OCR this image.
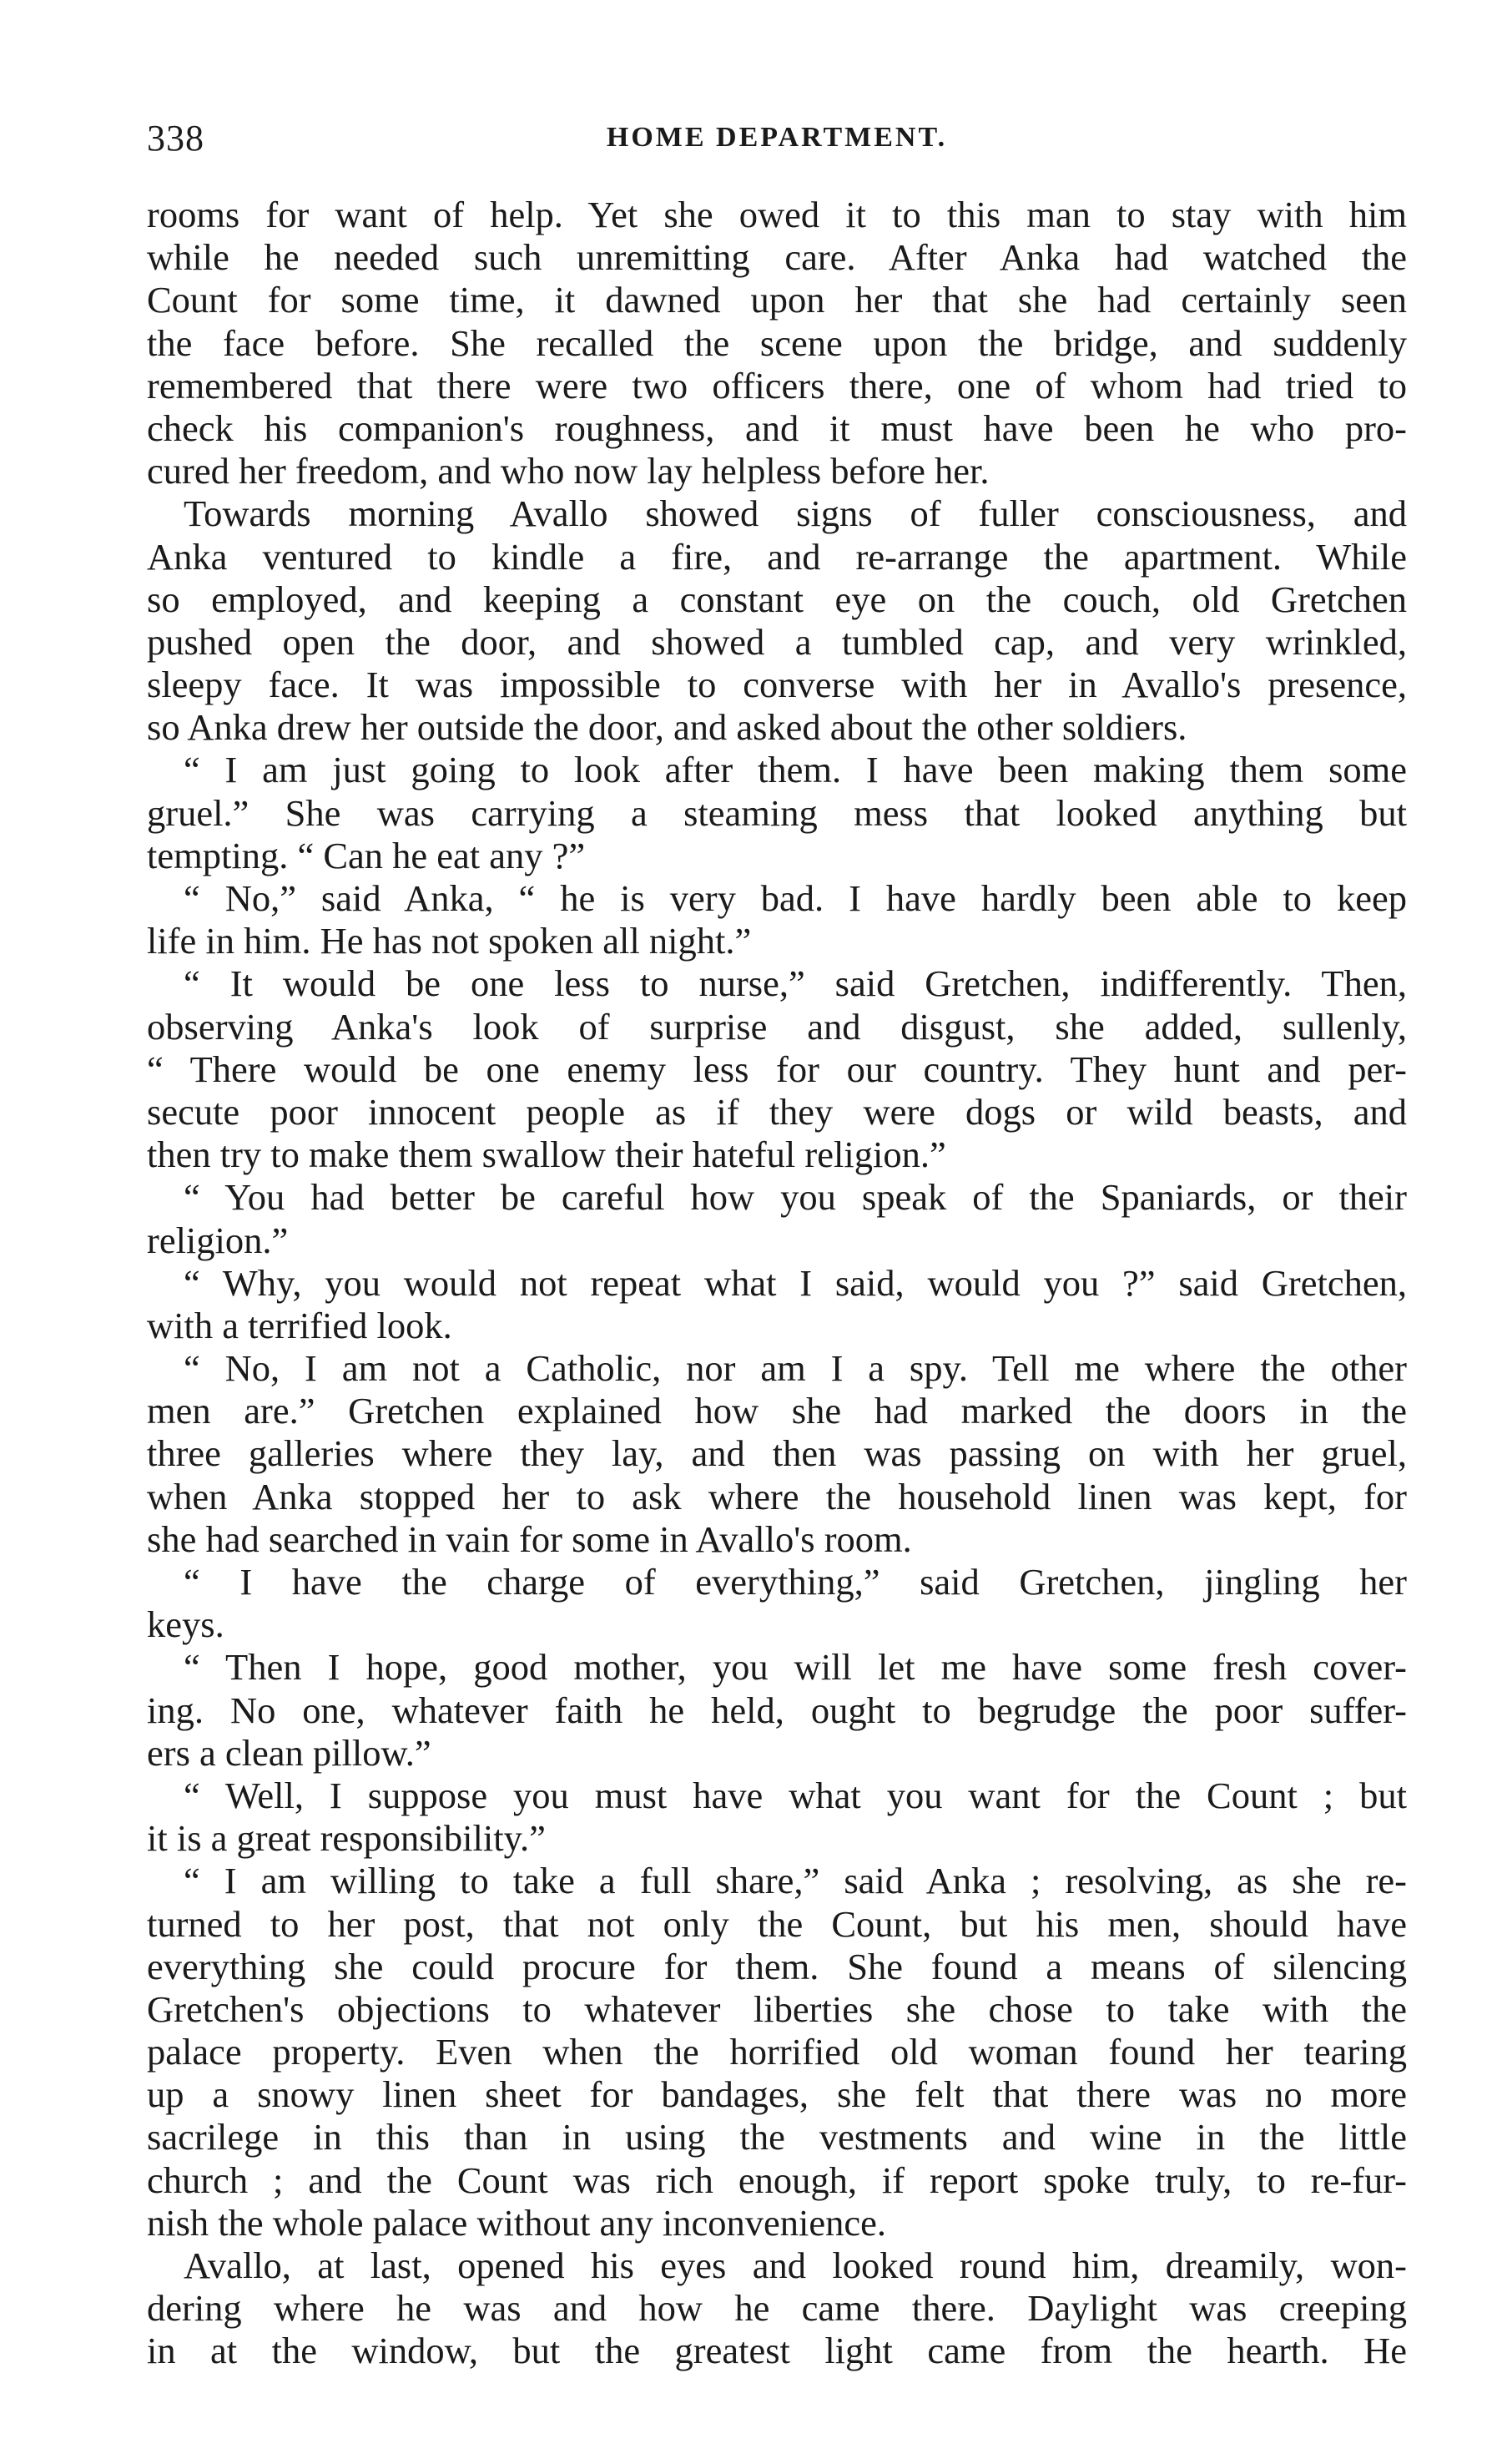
338	HOME DEPARTMENT.
rooms for want of help. Yet she owed it to this man to stay with him
while he needed such unremitting care. After Anka had watched the
Count for some time, it dawned upon her that she had certainly seen
the face before. She recalled the scene upon the bridge, and suddenly
remembered that there were two officers there, one of whom had tried to
check his companion's roughness, and it must have been he who pro-
cured her freedom, and who now lay helpless before her.
Towards morning Avallo showed signs of fuller consciousness, and
Anka ventured to kindle a fire, and re-arrange the apartment. While
so employed, and keeping a constant eye on the couch, old Gretchen
pushed open the door, and showed a tumbled cap, and very wrinkled,
sleepy face. It was impossible to converse with her in Avallo's presence,
so Anka drew her outside the door, and asked about the other soldiers.
“ I am just going to look after them. I have been making them some
gruel.” She was carrying a steaming mess that looked anything but
tempting. “ Can he eat any ?”
“ No,” said Anka, “ he is very bad. I have hardly been able to keep
life in him. He has not spoken all night.”
“ It would be one less to nurse,” said Gretchen, indifferently. Then,
observing Anka's look of surprise and disgust, she added, sullenly,
“ There would be one enemy less for our country. They hunt and per-
secute poor innocent people as if they were dogs or wild beasts, and
then try to make them swallow their hateful religion.”
“ You had better be careful how you speak of the Spaniards, or their
religion.”
“ Why, you would not repeat what I said, would you ?” said Gretchen,
with a terrified look.
“ No, I am not a Catholic, nor am I a spy. Tell me where the other
men are.” Gretchen explained how she had marked the doors in the
three galleries where they lay, and then was passing on with her gruel,
when Anka stopped her to ask where the household linen was kept, for
she had searched in vain for some in Avallo's room.
“ I have the charge of everything,” said Gretchen, jingling her
keys.
“ Then I hope, good mother, you will let me have some fresh cover-
ing. No one, whatever faith he held, ought to begrudge the poor suffer-
ers a clean pillow.”
“ Well, I suppose you must have what you want for the Count ; but
it is a great responsibility.”
“ I am willing to take a full share,” said Anka ; resolving, as she re-
turned to her post, that not only the Count, but his men, should have
everything she could procure for them. She found a means of silencing
Gretchen's objections to whatever liberties she chose to take with the
palace property. Even when the horrified old woman found her tearing
up a snowy linen sheet for bandages, she felt that there was no more
sacrilege in this than in using the vestments and wine in the little
church ; and the Count was rich enough, if report spoke truly, to re-fur-
nish the whole palace without any inconvenience.
Avallo, at last, opened his eyes and looked round him, dreamily, won-
dering where he was and how he came there. Daylight was creeping
in at the window, but the greatest light came from the hearth. He
